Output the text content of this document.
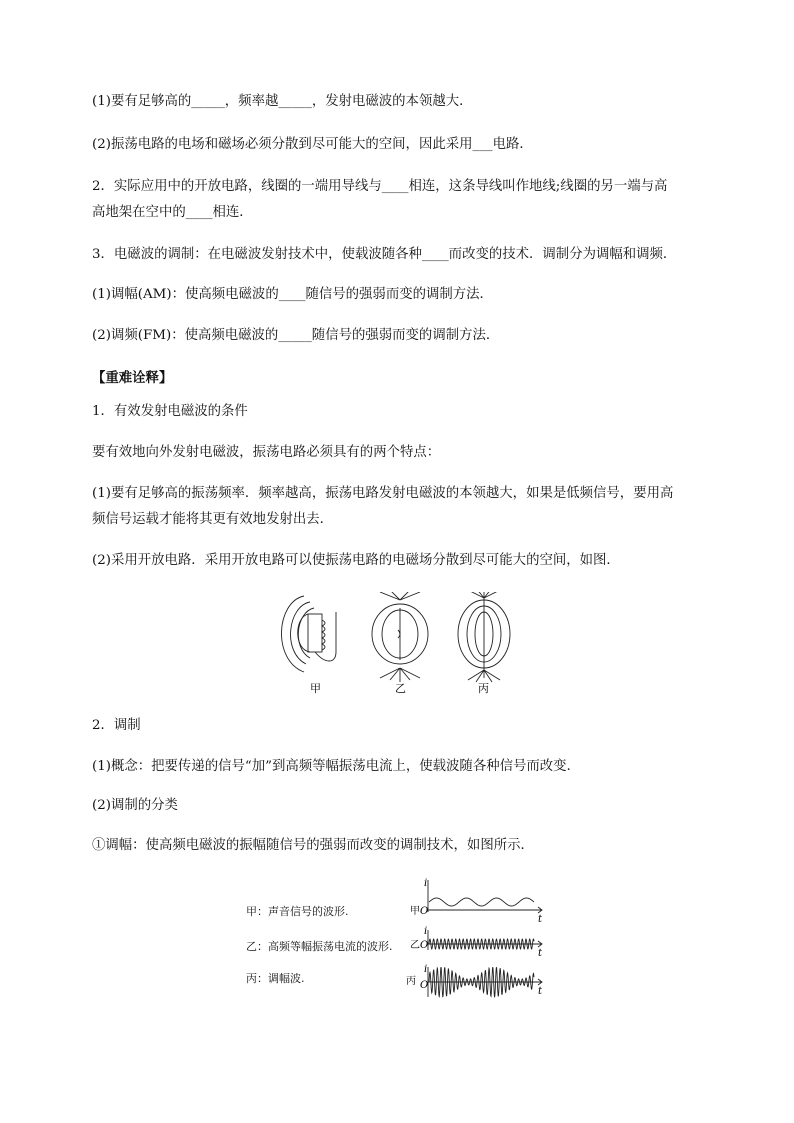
(1)要有足够高的_____，频率越_____，发射电磁波的本领越大．
(2)振荡电路的电场和磁场必须分散到尽可能大的空间，因此采用___电路．
2．实际应用中的开放电路，线圈的一端用导线与____相连，这条导线叫作地线;线圈的另一端与高
高地架在空中的____相连．
3．电磁波的调制：在电磁波发射技术中，使载波随各种____而改变的技术．调制分为调幅和调频．
(1)调幅(AM)：使高频电磁波的____随信号的强弱而变的调制方法．
(2)调频(FM)：使高频电磁波的_____随信号的强弱而变的调制方法．
【重难诠释】
1．有效发射电磁波的条件
要有效地向外发射电磁波，振荡电路必须具有的两个特点：
(1)要有足够高的振荡频率．频率越高，振荡电路发射电磁波的本领越大，如果是低频信号，要用高
频信号运载才能将其更有效地发射出去．
(2)采用开放电路．采用开放电路可以使振荡电路的电磁场分散到尽可能大的空间，如图．
甲	乙	丙
2．调制
(1)概念：把要传递的信号“加”到高频等幅振荡电流上，使载波随各种信号而改变.
(2)调制的分类
①调幅：使高频电磁波的振幅随信号的强弱而改变的调制技术，如图所示．
甲：声音信号的波形.
乙：高频等幅振荡电流的波形.
丙：调幅波.
i
甲 O
t
i
乙 O
t
i
丙 O
t
